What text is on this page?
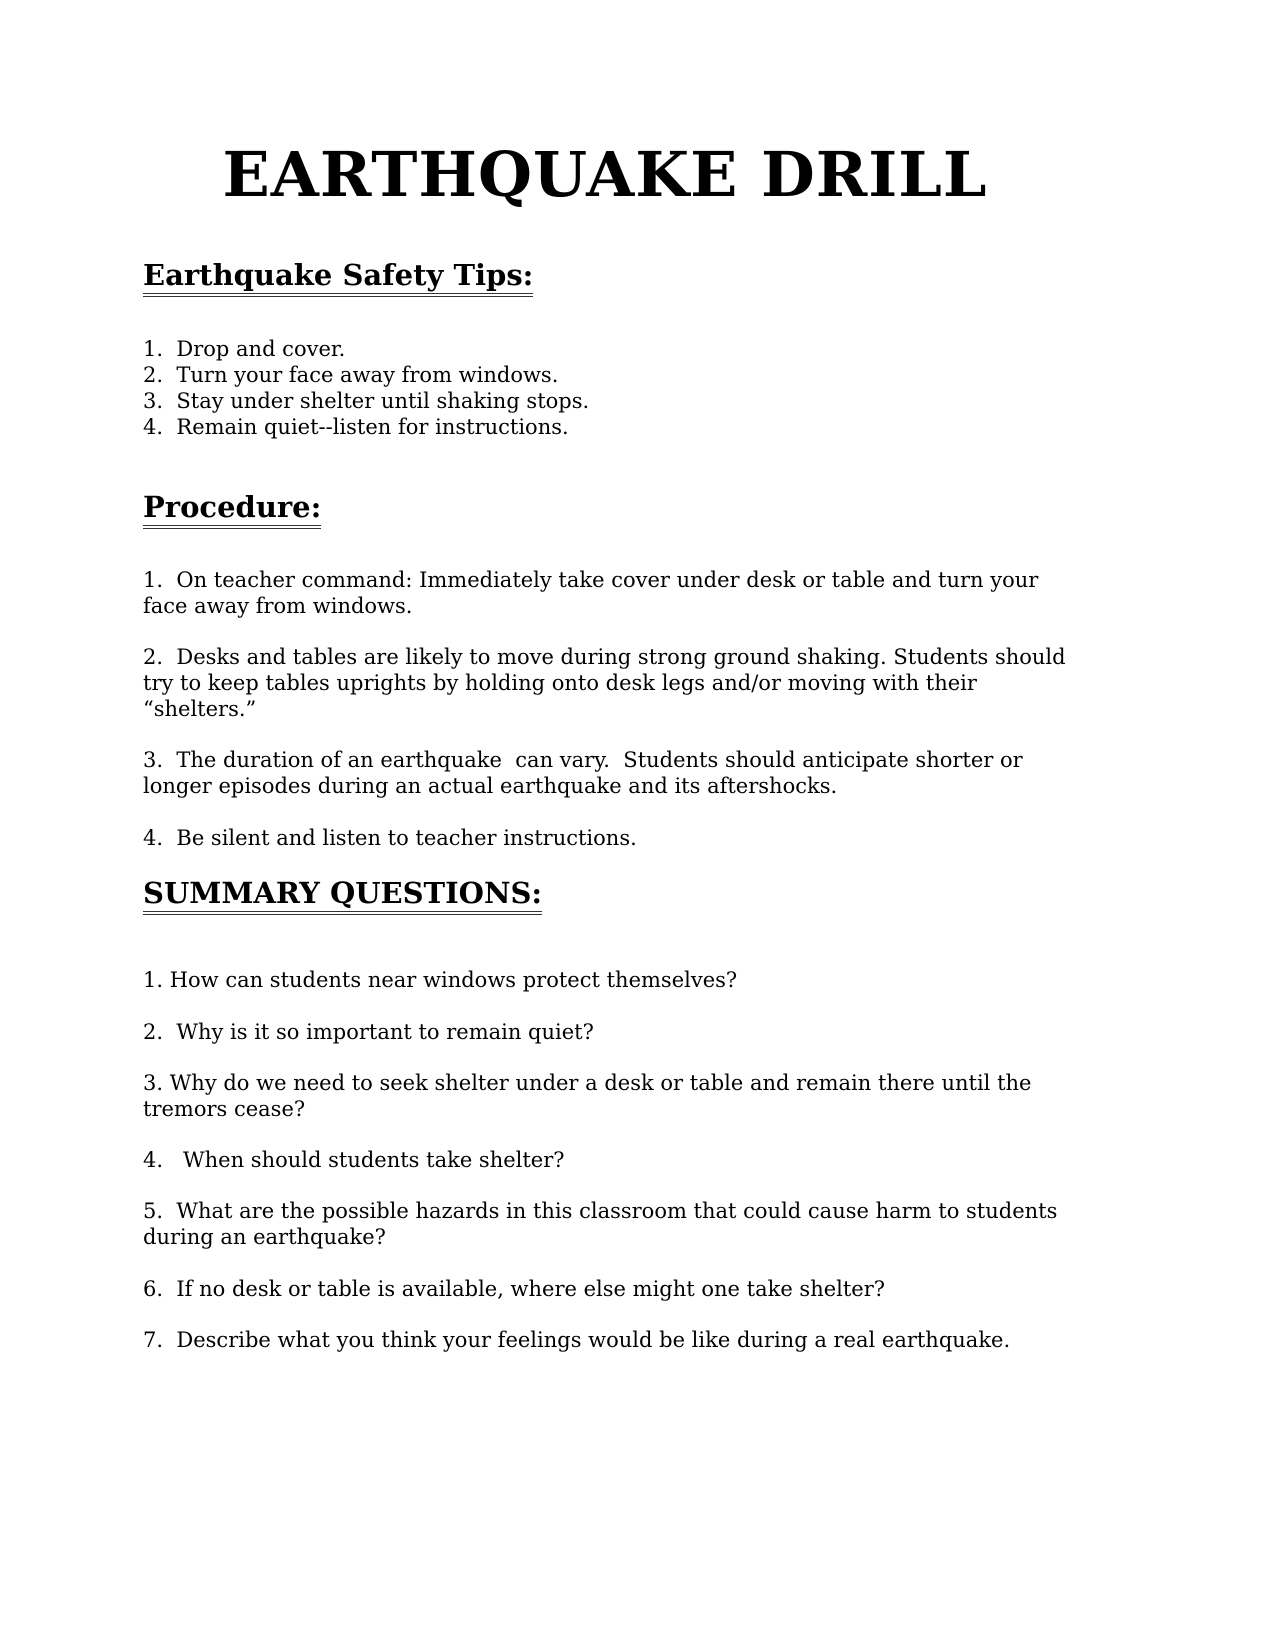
EARTHQUAKE DRILL
Earthquake Safety Tips:
1.  Drop and cover.
2.  Turn your face away from windows.
3.  Stay under shelter until shaking stops.
4.  Remain quiet--listen for instructions.
Procedure:
1.  On teacher command: Immediately take cover under desk or table and turn your face away from windows.
2.  Desks and tables are likely to move during strong ground shaking. Students should try to keep tables uprights by holding onto desk legs and/or moving with their “shelters.”
3.  The duration of an earthquake  can vary.  Students should anticipate shorter or longer episodes during an actual earthquake and its aftershocks.
4.  Be silent and listen to teacher instructions.
SUMMARY QUESTIONS:
1. How can students near windows protect themselves?
2.  Why is it so important to remain quiet?
3. Why do we need to seek shelter under a desk or table and remain there until the tremors cease?
4.   When should students take shelter?
5.  What are the possible hazards in this classroom that could cause harm to students during an earthquake?
6.  If no desk or table is available, where else might one take shelter?
7.  Describe what you think your feelings would be like during a real earthquake.
